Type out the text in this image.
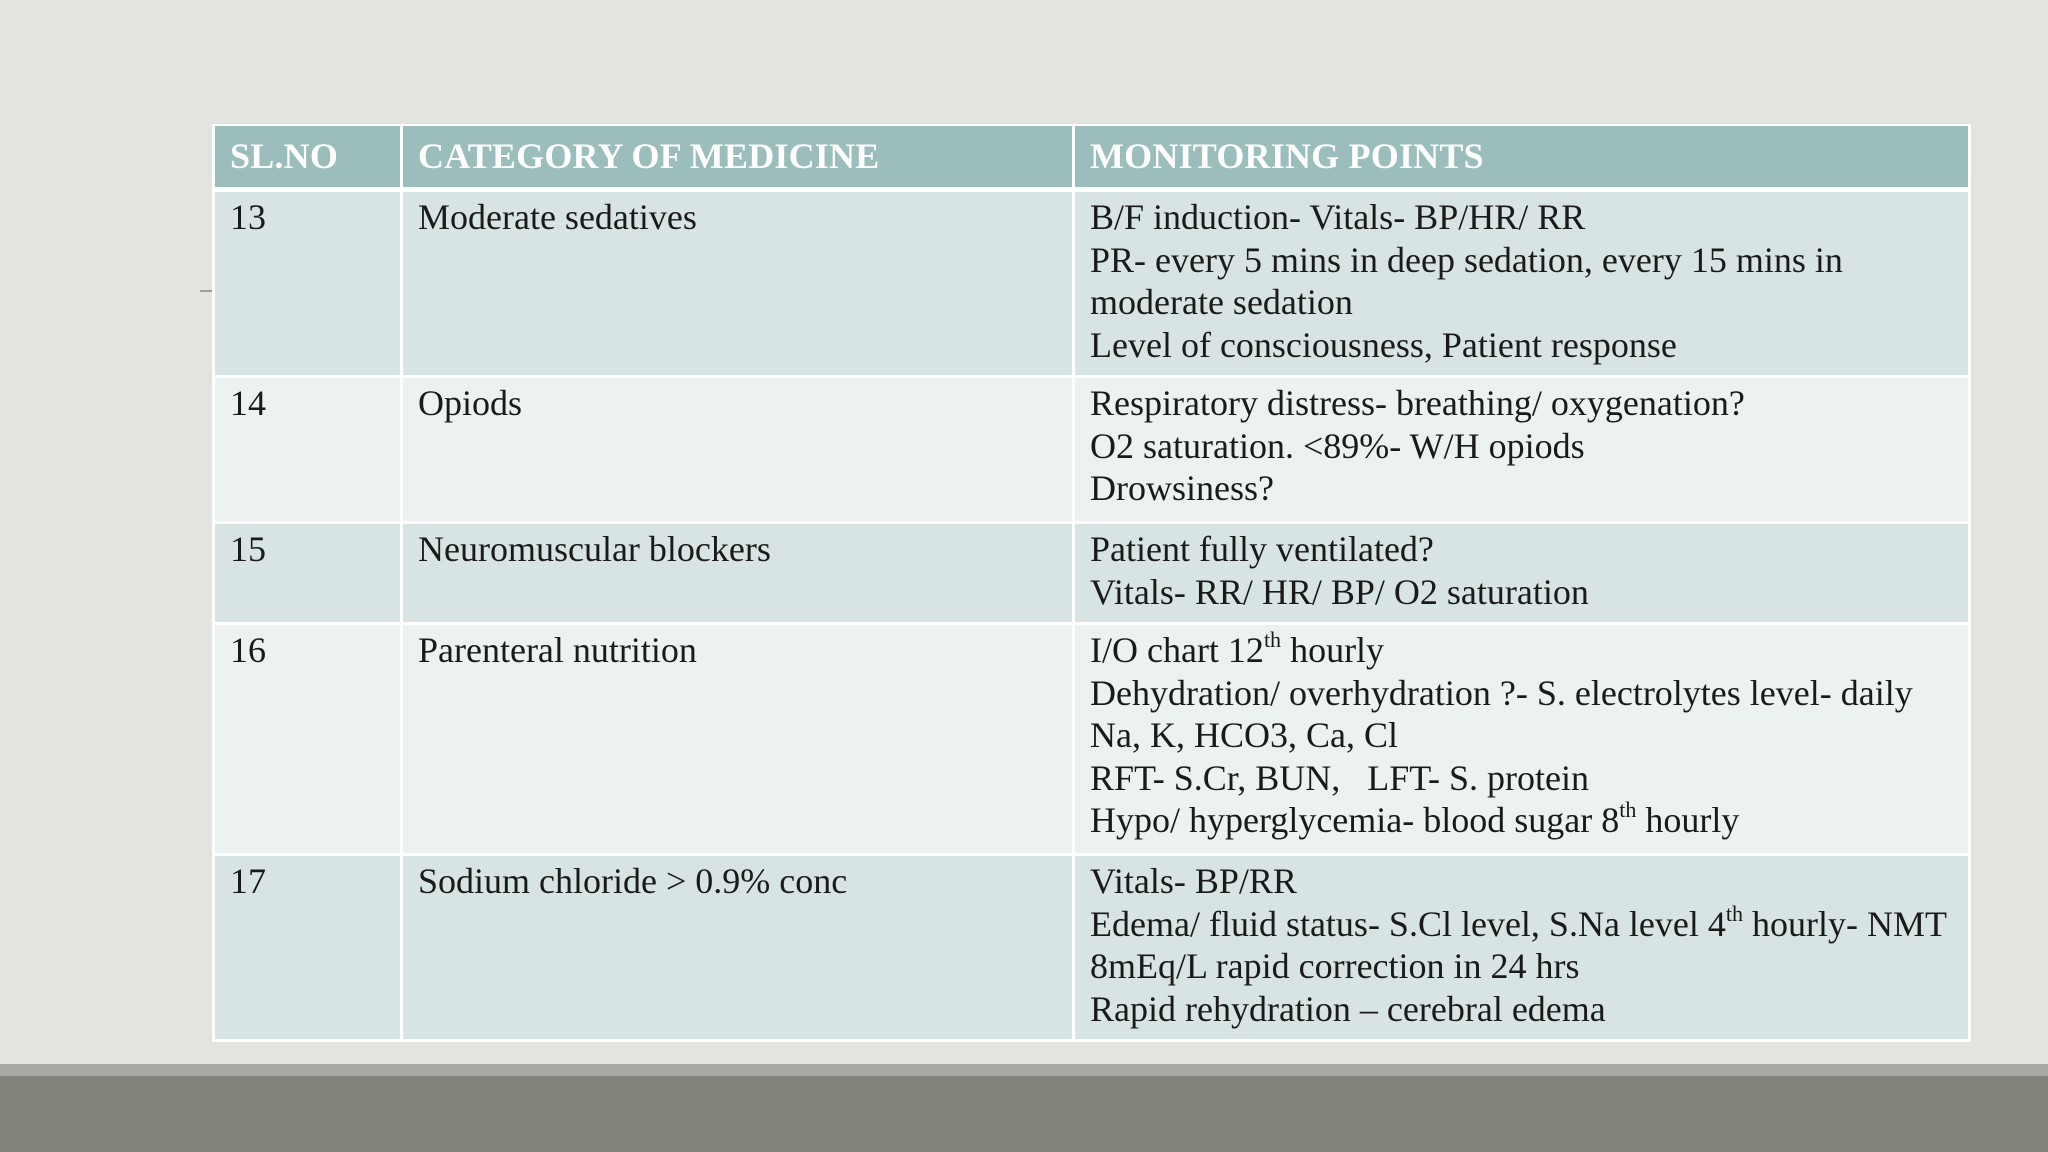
SL.NO	CATEGORY OF MEDICINE	MONITORING POINTS
13	Moderate sedatives	B/F induction- Vitals- BP/HR/ RR
PR- every 5 mins in deep sedation, every 15 mins in moderate sedation
Level of consciousness, Patient response

14	Opiods	Respiratory distress- breathing/ oxygenation?
O2 saturation. <89%- W/H opiods
Drowsiness?

15	Neuromuscular blockers	Patient fully ventilated?
Vitals- RR/ HR/ BP/ O2 saturation

16	Parenteral nutrition	I/O chart 12th hourly
Dehydration/ overhydration ?- S. electrolytes level- daily Na, K, HCO3, Ca, Cl
RFT- S.Cr, BUN,   LFT- S. protein
Hypo/ hyperglycemia- blood sugar 8th hourly

17	Sodium chloride > 0.9% conc	Vitals- BP/RR
Edema/ fluid status- S.Cl level, S.Na level 4th hourly- NMT 8mEq/L rapid correction in 24 hrs
Rapid rehydration – cerebral edema
